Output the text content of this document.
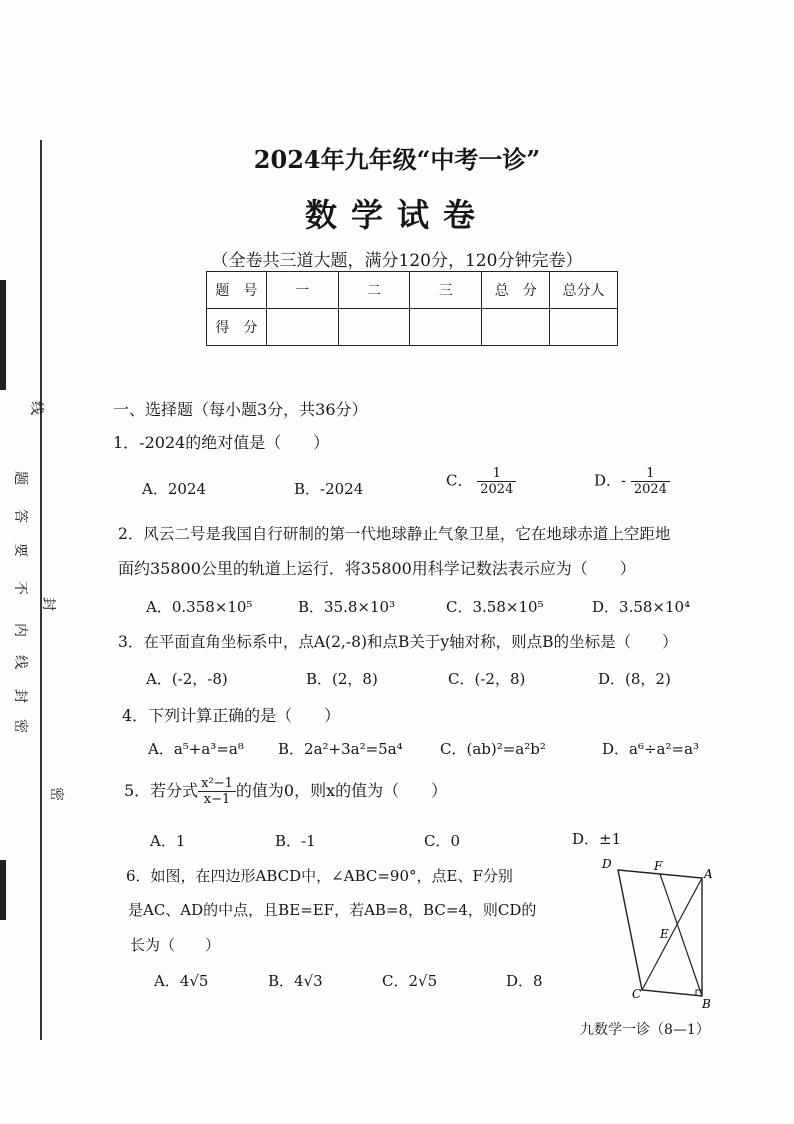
线
题
答
要
不
内
线
封
密
封
密
2024年九年级“中考一诊”
数学试卷
（全卷共三道大题，满分120分，120分钟完卷）
题　号	一	二	三	总　分	总分人
得　分					
一、选择题（每小题3分，共36分）
1．-2024的绝对值是（　　）
A．2024	B．-2024	C． $\frac{1}{2024}$	D．- $\frac{1}{2024}$
2．风云二号是我国自行研制的第一代地球静止气象卫星，它在地球赤道上空距地
面约35800公里的轨道上运行．将35800用科学记数法表示应为（　　）
A．0.358×10⁵	B．35.8×10³	C．3.58×10⁵	D．3.58×10⁴
3．在平面直角坐标系中，点A(2,-8)和点B关于y轴对称，则点B的坐标是（　　）
A．(-2，-8)	B．(2，8)	C．(-2，8)	D．(8，2)
4．下列计算正确的是（　　）
A．a⁵+a³=a⁸ B．2a²+3a²=5a⁴ C．(ab)²=a²b²	D．a⁶÷a²=a³
5．若分式 $\frac{\text{x²−1}}{x-1}$ 的值为0，则x的值为（　　）
A．1	B．-1	C．0	D．±1
6．如图，在四边形ABCD中，∠ABC=90°，点E、F分别
是AC、AD的中点，且BE=EF，若AB=8，BC=4，则CD的
长为（　　）
A．4√5	B．4√3	C．2√5	D．8
D	F
A
E
C
B
九数学一诊（8—1）
